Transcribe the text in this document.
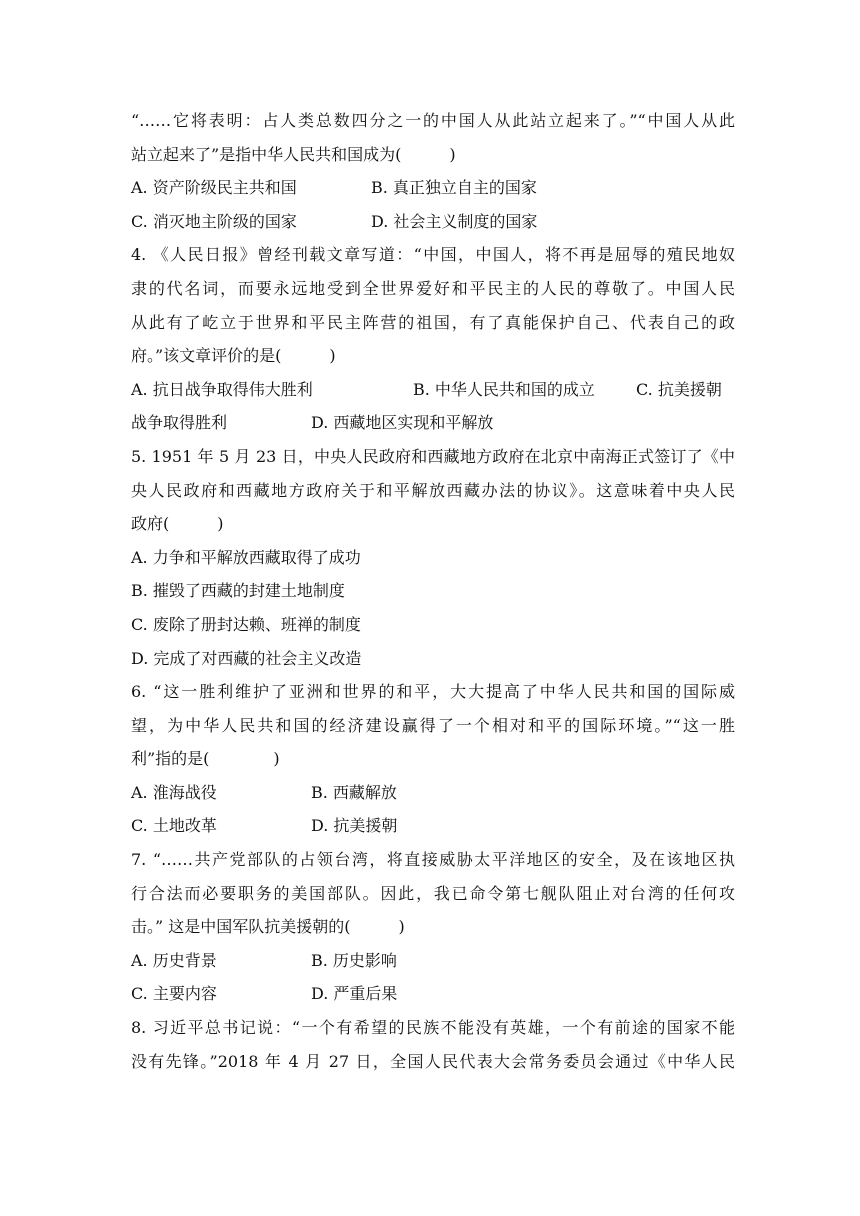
“……它将表明：占人类总数四分之一的中国人从此站立起来了。”“中国人从此
站立起来了”是指中华人民共和国成为(　　　)
A. 资产阶级民主共和国	B. 真正独立自主的国家
C. 消灭地主阶级的国家	D. 社会主义制度的国家
4. 《人民日报》曾经刊载文章写道：“中国，中国人，将不再是屈辱的殖民地奴
隶的代名词，而要永远地受到全世界爱好和平民主的人民的尊敬了。中国人民
从此有了屹立于世界和平民主阵营的祖国，有了真能保护自己、代表自己的政
府。”该文章评价的是(　　　)
A. 抗日战争取得伟大胜利	B. 中华人民共和国的成立	C. 抗美援朝
战争取得胜利	D. 西藏地区实现和平解放
5. 1951 年 5 月 23 日，中央人民政府和西藏地方政府在北京中南海正式签订了《中
央人民政府和西藏地方政府关于和平解放西藏办法的协议》。这意味着中央人民
政府(　　　)
A. 力争和平解放西藏取得了成功
B. 摧毁了西藏的封建土地制度
C. 废除了册封达赖、班禅的制度
D. 完成了对西藏的社会主义改造
6. “这一胜利维护了亚洲和世界的和平，大大提高了中华人民共和国的国际威
望，为中华人民共和国的经济建设赢得了一个相对和平的国际环境。”“这一胜
利”指的是(　　　　)
A. 淮海战役	B. 西藏解放
C. 土地改革	D. 抗美援朝
7. “……共产党部队的占领台湾，将直接威胁太平洋地区的安全，及在该地区执
行合法而必要职务的美国部队。因此，我已命令第七舰队阻止对台湾的任何攻
击。” 这是中国军队抗美援朝的(　　　)
A. 历史背景	B. 历史影响
C. 主要内容	D. 严重后果
8. 习近平总书记说：“一个有希望的民族不能没有英雄，一个有前途的国家不能
没有先锋。”2018 年 4 月 27 日，全国人民代表大会常务委员会通过《中华人民
